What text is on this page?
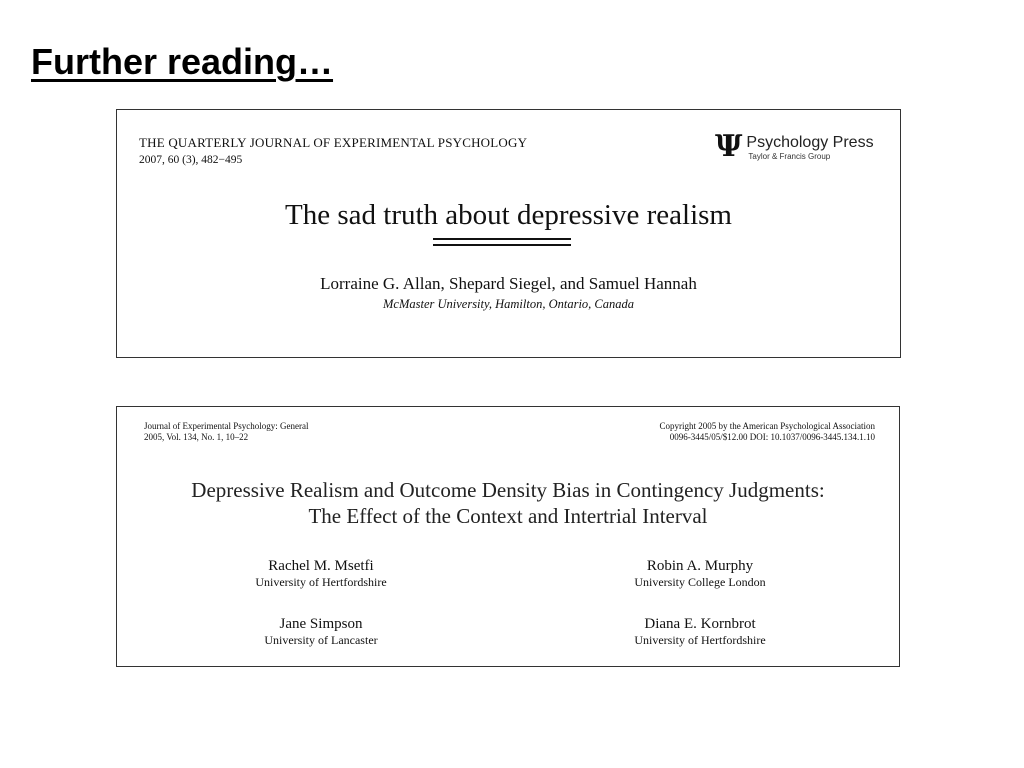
Further reading…
THE QUARTERLY JOURNAL OF EXPERIMENTAL PSYCHOLOGY
2007, 60 (3), 482−495	Ψ Psychology Press
Taylor & Francis Group
The sad truth about depressive realism
Lorraine G. Allan, Shepard Siegel, and Samuel Hannah
McMaster University, Hamilton, Ontario, Canada
Journal of Experimental Psychology: General
2005, Vol. 134, No. 1, 10–22
Copyright 2005 by the American Psychological Association
0096-3445/05/$12.00 DOI: 10.1037/0096-3445.134.1.10
Depressive Realism and Outcome Density Bias in Contingency Judgments:
The Effect of the Context and Intertrial Interval
Rachel M. Msetfi
University of Hertfordshire
Robin A. Murphy
University College London
Jane Simpson
University of Lancaster
Diana E. Kornbrot
University of Hertfordshire
